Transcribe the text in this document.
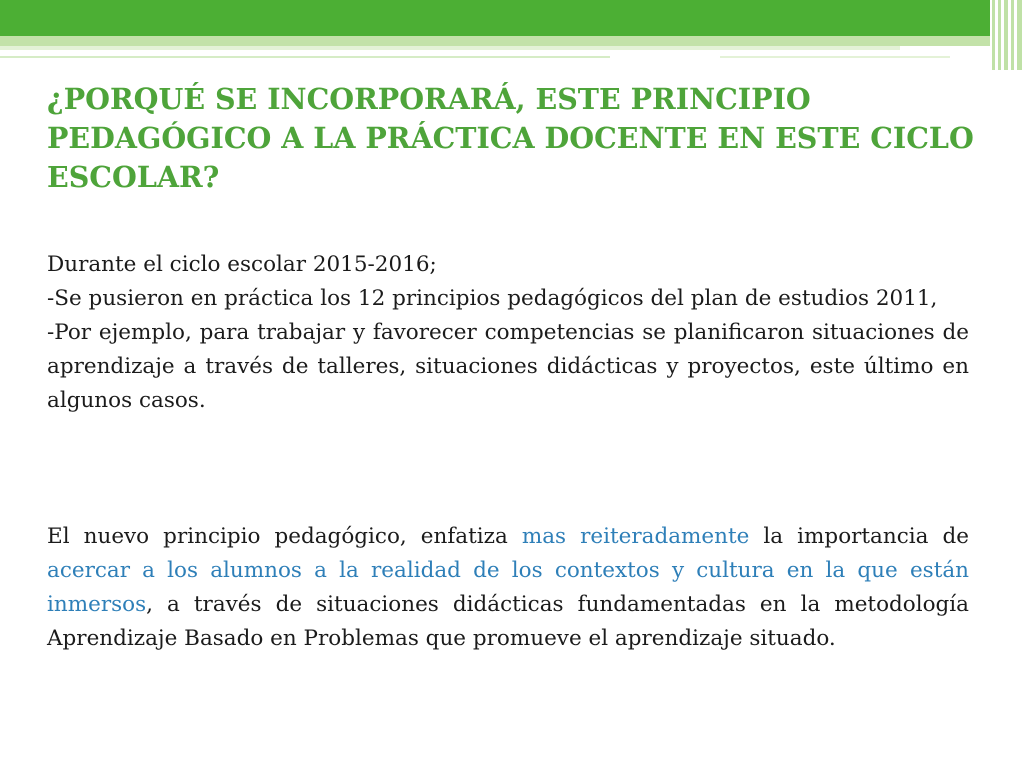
¿PORQUÉ SE INCORPORARÁ, ESTE PRINCIPIO PEDAGÓGICO A LA PRÁCTICA DOCENTE EN ESTE CICLO ESCOLAR?

Durante el ciclo escolar 2015-2016;

-Se pusieron en práctica los 12 principios pedagógicos del plan de estudios 2011,

-Por ejemplo, para trabajar y favorecer competencias se planificaron situaciones de aprendizaje a través de talleres, situaciones didácticas y proyectos, este último en algunos casos.

El nuevo principio pedagógico, enfatiza mas reiteradamente la importancia de acercar a los alumnos a la realidad de los contextos y cultura en la que están inmersos, a través de situaciones didácticas fundamentadas en la metodología Aprendizaje Basado en Problemas que promueve el aprendizaje situado.
